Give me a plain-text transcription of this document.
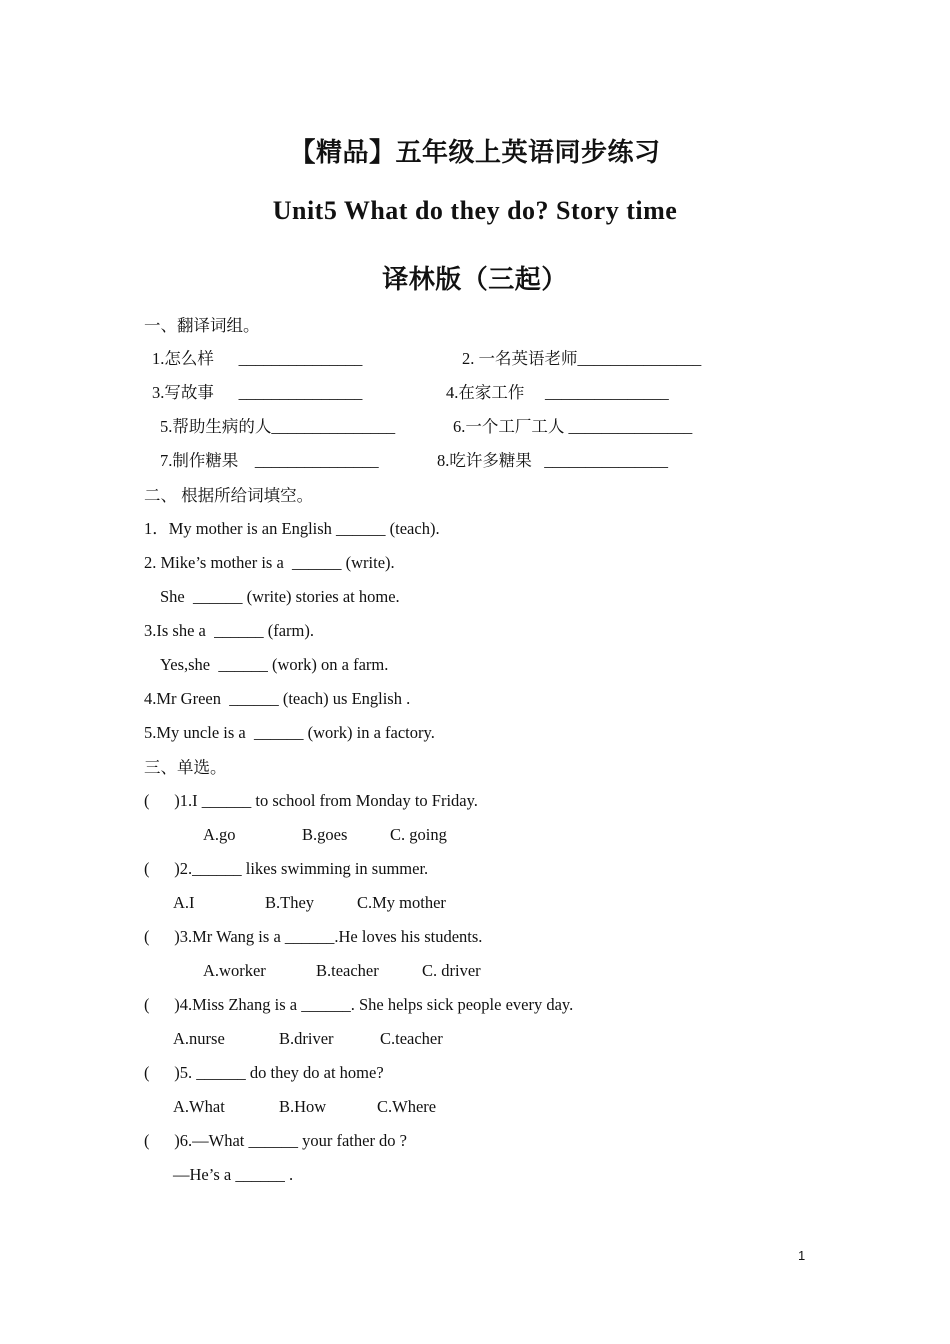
【精品】五年级上英语同步练习
Unit5 What do they do? Story time
译林版（三起）
一、翻译词组。
1.怎么样 _______________	2. 一名英语老师_______________
3.写故事 _______________	4.在家工作 _______________
5.帮助生病的人_______________	6.一个工厂工人 _______________
7.制作糖果 _______________	8.吃许多糖果 _______________
二、 根据所给词填空。
1．My mother is an English ______ (teach).
2. Mike’s mother is a  ______ (write).
She  ______ (write) stories at home.
3.Is she a  ______ (farm).
Yes,she  ______ (work) on a farm.
4.Mr Green  ______ (teach) us English .
5.My uncle is a  ______ (work) in a factory.
三、单选。
(      )1.I ______ to school from Monday to Friday.
A.go	B.goes	C. going
(      )2.______ likes swimming in summer.
A.I	B.They	C.My mother
(      )3.Mr Wang is a ______.He loves his students.
A.worker	B.teacher	C. driver
(      )4.Miss Zhang is a ______. She helps sick people every day.
A.nurse	B.driver	C.teacher
(      )5. ______ do they do at home?
A.What	B.How	C.Where
(      )6.—What ______ your father do ?
—He’s a ______ .
1
